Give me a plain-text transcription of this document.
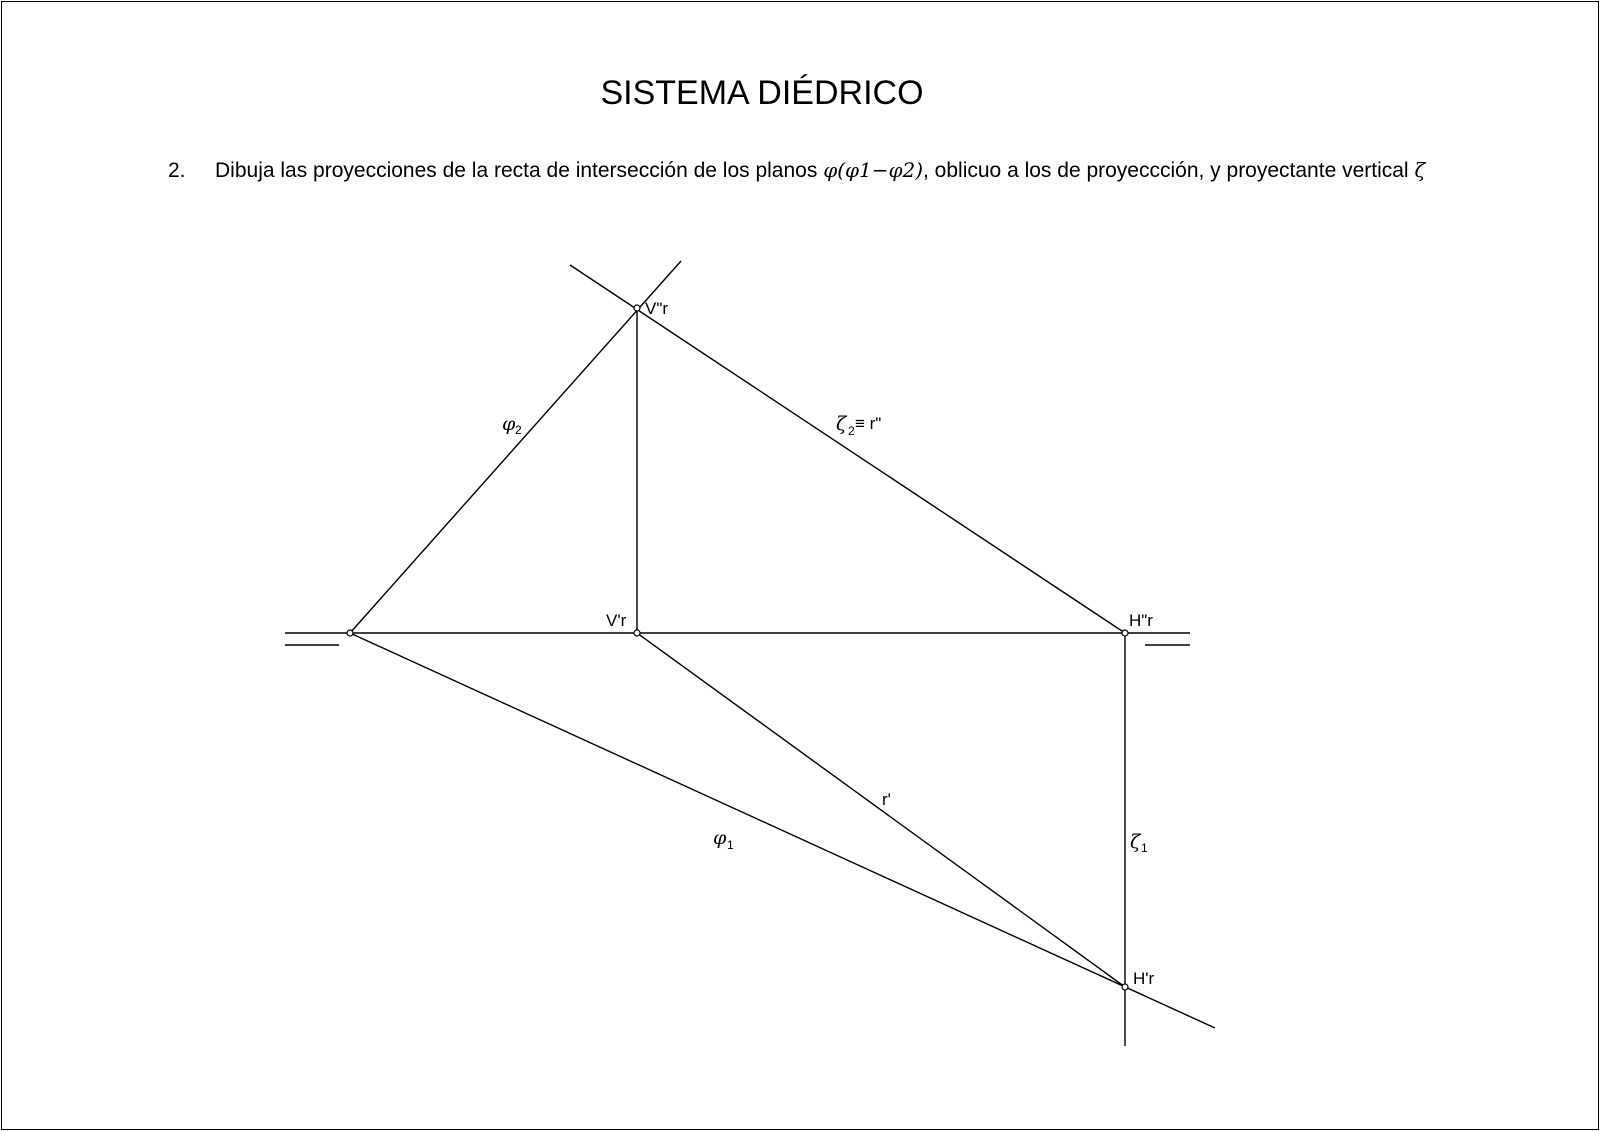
SISTEMA DIÉDRICO
2. Dibuja las proyecciones de la recta de intersección de los planos φ(φ1−φ2), oblicuo a los de proyeccción, y proyectante vertical ζ
V"r
V'r	H"r
H'r
r'
φ 2
φ 1
ζ 2 ≡ r"
ζ 1
